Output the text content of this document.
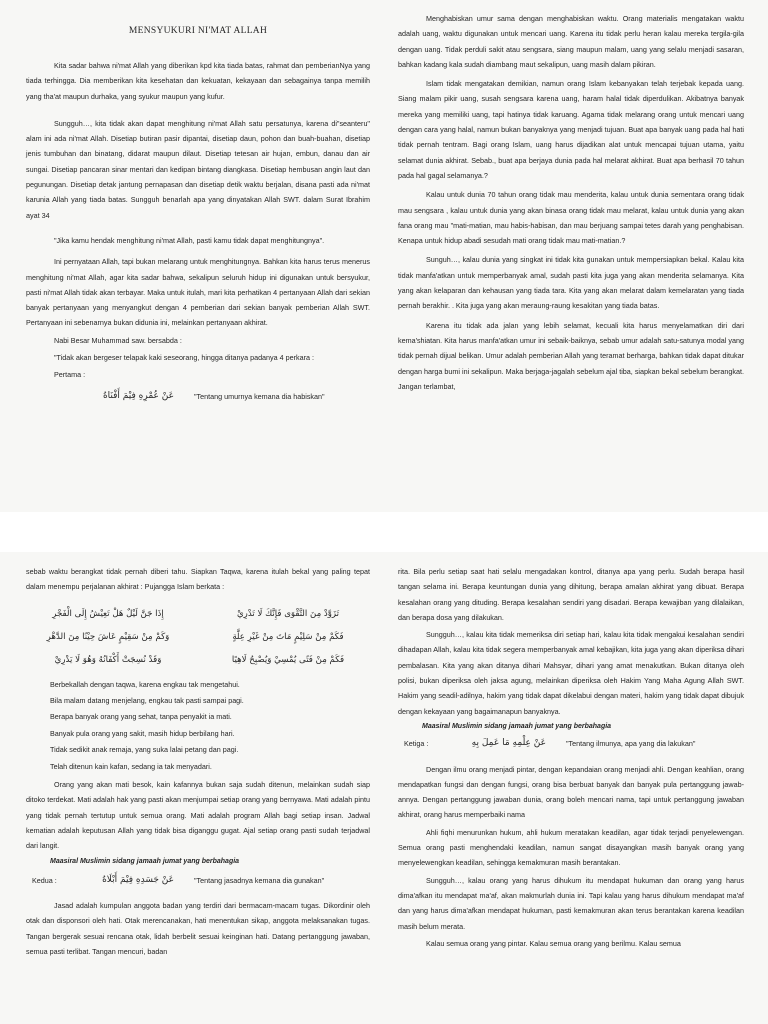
MENSYUKURI NI'MAT ALLAH

Kita sadar bahwa ni'mat Allah yang diberikan kpd kita tiada batas, rahmat dan pemberianNya yang tiada terhingga. Dia memberikan kita kesehatan dan kekuatan, kekayaan dan sebagainya tanpa memilih yang tha'at maupun durhaka, yang syukur maupun yang kufur.

Sungguh…, kita tidak akan dapat menghitung ni'mat Allah satu persatunya, karena di"seanteru" alam ini ada ni'mat Allah. Disetiap butiran pasir dipantai, disetiap daun, pohon dan buah-buahan, disetiap jenis tumbuhan dan binatang, didarat maupun dilaut. Disetiap tetesan air hujan, embun, danau dan air sungai. Disetiap pancaran sinar mentari dan kedipan bintang diangkasa. Disetiap hembusan angin laut dan pegunungan. Disetiap detak jantung pernapasan dan disetiap detik waktu berjalan, disana pasti ada ni'mat karunia Allah yang tiada batas. Sungguh benarlah apa yang dinyatakan Allah SWT. dalam Surat Ibrahim ayat 34

"Jika kamu hendak menghitung ni'mat Allah, pasti kamu tidak dapat menghitungnya".

Ini pernyataan Allah, tapi bukan melarang untuk menghitungnya. Bahkan kita harus terus menerus menghitung ni'mat Allah, agar kita sadar bahwa, sekalipun seluruh hidup ini digunakan untuk bersyukur, pasti ni'mat Allah tidak akan terbayar. Maka untuk itulah, mari kita perhatikan 4 pertanyaan Allah dari sekian banyak pertanyaan yang menyangkut dengan 4 pemberian dari sekian banyak pemberian Allah SWT. Pertanyaan ini sebenarnya bukan didunia ini, melainkan pertanyaan akhirat.

Nabi Besar Muhammad saw. bersabda :

"Tidak akan bergeser telapak kaki seseorang, hingga ditanya padanya 4 perkara :

Pertama :

عَنْ عُمْرِهِ فِيْمَ أَفْنَاهُ	"Tentang umurnya kemana dia habiskan"

Menghabiskan umur sama dengan menghabiskan waktu. Orang materialis mengatakan waktu adalah uang, waktu digunakan untuk mencari uang. Karena itu tidak perlu heran kalau mereka tergila-gila dengan uang. Tidak perduli sakit atau sengsara, siang maupun malam, uang yang selalu menjadi sasaran, bahkan kadang kala sudah diambang maut sekalipun, uang masih dalam pikiran.

Islam tidak mengatakan demikian, namun orang Islam kebanyakan telah terjebak kepada uang. Siang malam pikir uang, susah sengsara karena uang, haram halal tidak diperdulikan. Akibatnya banyak mereka yang memiliki uang, tapi hatinya tidak karuang. Agama tidak melarang orang untuk mencari uang dengan cara yang halal, namun bukan banyaknya yang menjadi tujuan. Buat apa banyak uang pada hal hati tidak pernah tentram. Bagi orang Islam, uang harus dijadikan alat untuk mencapai tujuan utama, yaitu selamat dunia akhirat. Sebab., buat apa berjaya dunia pada hal melarat akhirat. Buat apa berhasil 70 tahun pada hal gagal selamanya.?

Kalau untuk dunia 70 tahun orang tidak mau menderita, kalau untuk dunia sementara orang tidak mau sengsara , kalau untuk dunia yang akan binasa orang tidak mau melarat, kalau untuk dunia yang akan fana orang mau "mati-matian, mau habis-habisan, dan mau berjuang sampai tetes darah yang penghabisan. Kenapa untuk hidup abadi sesudah mati orang tidak mau mati-matian.?

Sunguh…, kalau dunia yang singkat ini tidak kita gunakan untuk mempersiapkan bekal. Kalau kita tidak manfa'atkan untuk memperbanyak amal, sudah pasti kita juga yang akan menderita selamanya. Kita yang akan kelaparan dan kehausan yang tiada tara. Kita yang akan melarat dalam kemelaratan yang tiada pernah berakhir. . Kita juga yang akan meraung-raung kesakitan yang tiada batas.

Karena itu tidak ada jalan yang lebih selamat, kecuali kita harus menyelamatkan diri dari kema'shiatan. Kita harus manfa'atkan umur ini sebaik-baiknya, sebab umur adalah satu-satunya modal yang tidak pernah dijual belikan. Umur adalah pemberian Allah yang teramat berharga, bahkan tidak dapat ditukar dengan harga bumi ini sekalipun. Maka berjaga-jagalah sebelum ajal tiba, siapkan bekal sebelum berangkat. Jangan terlambat,

sebab waktu berangkat tidak pernah diberi tahu. Siapkan Taqwa, karena itulah bekal yang paling tepat dalam menempu perjalanan akhirat : Pujangga Islam berkata :

إِذَا جَنَّ لَيْلٌ هَلْ تَعِيْشُ إِلَى الْفَجْرِ	تَزَوَّدْ مِنَ التَّقْوَى فَإِنَّكَ لَا تَدْرِيْ
وَكَمْ مِنْ سَقِيْمٍ عَاشَ حِيْنًا مِنَ الدَّهْرِ	فَكَمْ مِنْ سَلِيْمٍ مَاتَ مِنْ غَيْرِ عِلَّةٍ
وَقَدْ نُسِجَتْ أَكْفَانُهُ وَهُوَ لَا يَدْرِيْ	فَكَمْ مِنْ فَتًى يُمْسِيْ وَيُصْبِحُ لَاهِيًا

Berbekallah dengan taqwa, karena engkau tak mengetahui.

Bila malam datang menjelang, engkau tak pasti sampai pagi.

Berapa banyak orang yang sehat, tanpa penyakit ia mati.

Banyak pula orang yang sakit, masih hidup berbilang hari.

Tidak sedikit anak remaja, yang suka lalai petang dan pagi.

Telah ditenun kain kafan, sedang ia tak menyadari.

Orang yang akan mati besok, kain kafannya bukan saja sudah ditenun, melainkan sudah siap ditoko terdekat. Mati adalah hak yang pasti akan menjumpai setiap orang yang bernyawa. Mati adalah pintu yang tidak pernah tertutup untuk semua orang. Mati adalah program Allah bagi setiap insan. Jadwal kematian adalah keputusan Allah yang tidak bisa diganggu gugat. Ajal setiap orang pasti sudah terjadwal dari langit.

Maasiral Muslimin sidang jamaah jumat yang berbahagia
Kedua :	عَنْ جَسَدِهِ فِيْمَ أَبْلَاهُ	"Tentang jasadnya kemana dia gunakan"

Jasad adalah kumpulan anggota badan yang terdiri dari bermacam-macam tugas. Dikordinir oleh otak dan disponsori oleh hati. Otak merencanakan, hati menentukan sikap, anggota melaksanakan tugas. Tangan bergerak sesuai rencana otak, lidah berbelit sesuai keinginan hati. Datang pertanggung jawaban, semua pasti terlibat. Tangan mencuri, badan

rita. Bila perlu setiap saat hati selalu mengadakan kontrol, ditanya apa yang perlu. Sudah berapa hasil tangan selama ini. Berapa keuntungan dunia yang dihitung, berapa amalan akhirat yang dibuat. Berapa kesalahan orang yang dituding. Berapa kesalahan sendiri yang disadari. Berapa kewajiban yang dilalaikan, dan berapa dosa yang dilakukan.

Sungguh…, kalau kita tidak memeriksa diri setiap hari, kalau kita tidak mengakui kesalahan sendiri dihadapan Allah, kalau kita tidak segera memperbanyak amal kebajikan, kita juga yang akan diperiksa dihari pembalasan. Kita yang akan ditanya dihari Mahsyar, dihari yang amat menakutkan. Bukan ditanya oleh polisi, bukan diperiksa oleh jaksa agung, melainkan diperiksa oleh Hakim Yang Maha Agung Allah SWT. Hakim yang seadil-adilnya, hakim yang tidak dapat dikelabui dengan materi, hakim yang tidak dapat dibujuk dengan kekayaan yang bagaimanapun banyaknya.

Maasiral Muslimin sidang jamaah jumat yang berbahagia
Ketiga :	عَنْ عِلْمِهِ مَا عَمِلَ بِهِ	"Tentang ilmunya, apa yang dia lakukan"

Dengan ilmu orang menjadi pintar, dengan kepandaian orang menjadi ahli. Dengan keahlian, orang mendapatkan fungsi dan dengan fungsi, orang bisa berbuat banyak dan banyak pula pertanggung jawab-annya. Dengan pertanggung jawaban dunia, orang boleh mencari nama, tapi untuk pertanggung jawaban akhirat, orang harus memperbaiki nama

Ahli fiqhi menurunkan hukum, ahli hukum meratakan keadilan, agar tidak terjadi penyelewengan. Semua orang pasti menghendaki keadilan, namun sangat disayangkan masih banyak orang yang menyelewengkan keadilan, sehingga kemakmuran masih berantakan.

Sungguh…, kalau orang yang harus dihukum itu mendapat hukuman dan orang yang harus dima'afkan itu mendapat ma'af, akan makmurlah dunia ini. Tapi kalau yang harus dihukum mendapat ma'af dan yang harus dima'afkan mendapat hukuman, pasti kemakmuran akan terus berantakan karena keadilan masih belum merata.

Kalau semua orang yang pintar. Kalau semua orang yang berilmu. Kalau semua
